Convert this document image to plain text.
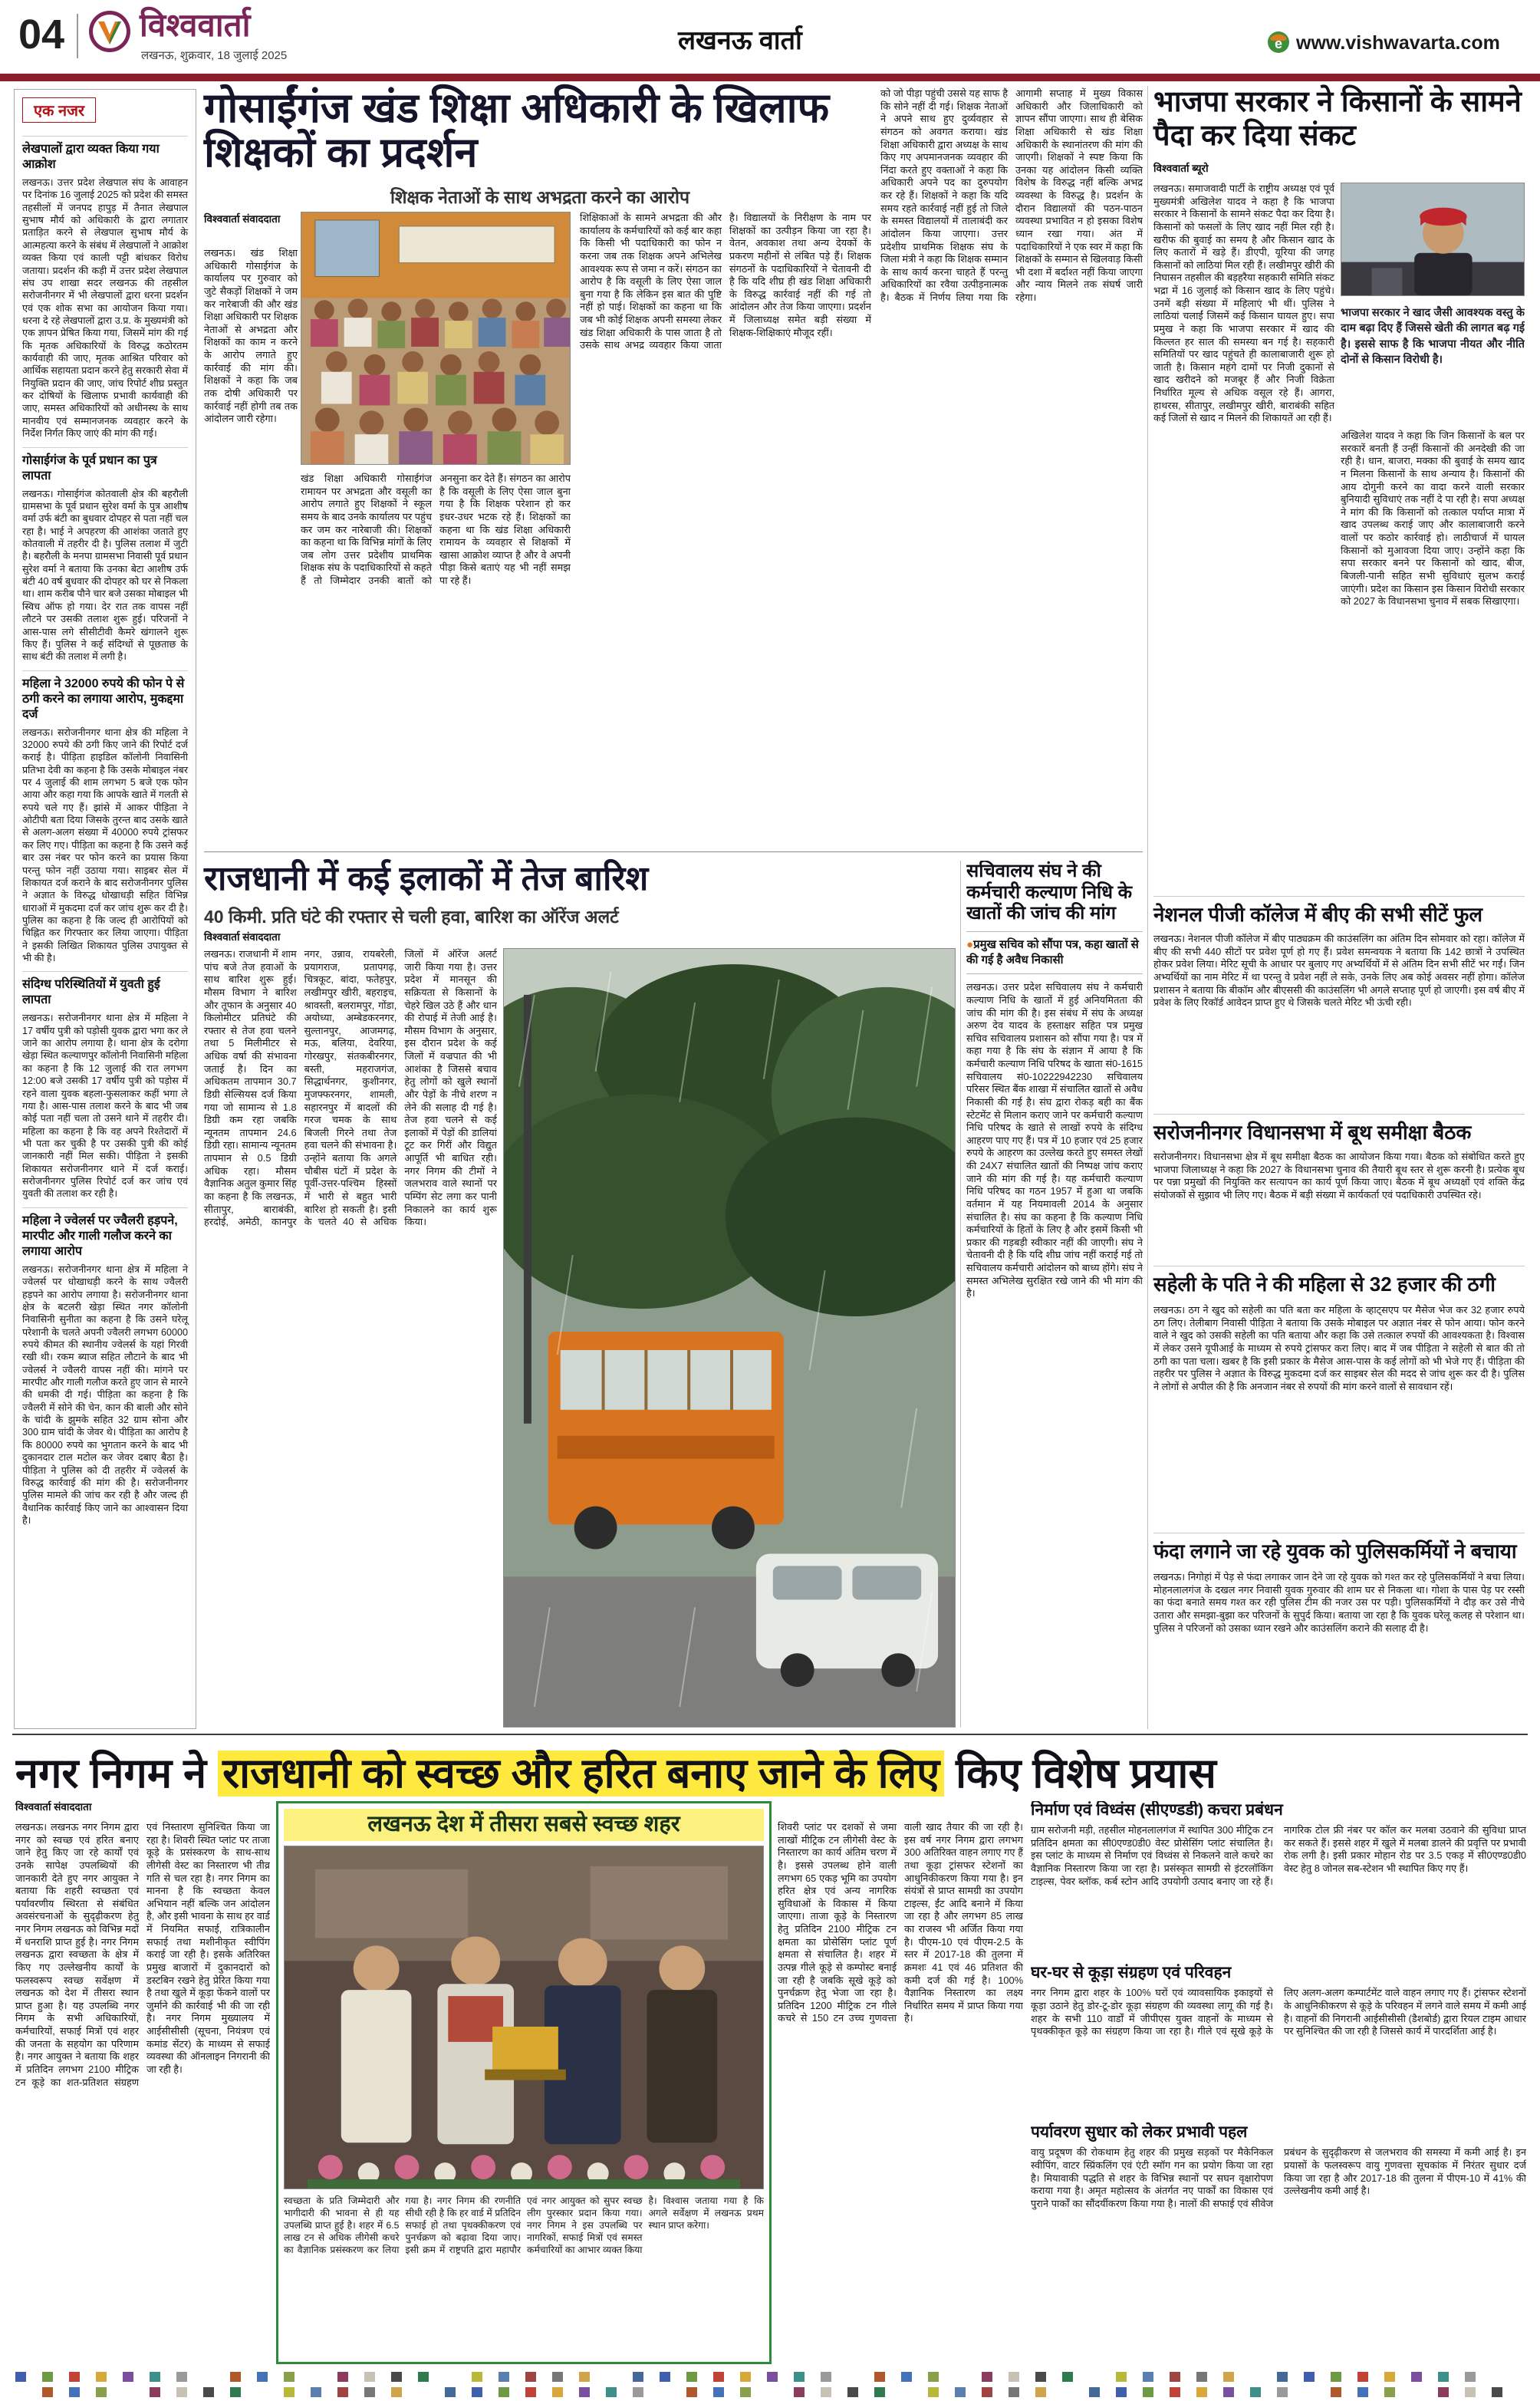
04 विश्ववार्ता
लखनऊ, शुक्रवार, 18 जुलाई 2025
लखनऊ वार्ता	e www.vishwavarta.com
एक नजर
लेखपालों द्वारा व्यक्त किया गया आक्रोश
लखनऊ। उत्तर प्रदेश लेखपाल संघ के आवाहन पर दिनांक 16 जुलाई 2025 को प्रदेश की समस्त तहसीलों में जनपद हापुड़ में तैनात लेखपाल सुभाष मौर्य को अधिकारी के द्वारा लगातार प्रताड़ित करने से लेखपाल सुभाष मौर्य के आत्महत्या करने के संबंध में लेखपालों ने आक्रोश व्यक्त किया एवं काली पट्टी बांधकर विरोध जताया। प्रदर्शन की कड़ी में उत्तर प्रदेश लेखपाल संघ उप शाखा सदर लखनऊ की तहसील सरोजनीनगर में भी लेखपालों द्वारा धरना प्रदर्शन एवं एक शोक सभा का आयोजन किया गया। धरना दे रहे लेखपालों द्वारा उ.प्र. के मुख्यमंत्री को एक ज्ञापन प्रेषित किया गया, जिसमें मांग की गई कि मृतक अधिकारियों के विरुद्ध कठोरतम कार्यवाही की जाए, मृतक आश्रित परिवार को आर्थिक सहायता प्रदान करने हेतु सरकारी सेवा में नियुक्ति प्रदान की जाए, जांच रिपोर्ट शीघ्र प्रस्तुत कर दोषियों के खिलाफ प्रभावी कार्यवाही की जाए, समस्त अधिकारियों को अधीनस्थ के साथ मानवीय एवं सम्मानजनक व्यवहार करने के निर्देश निर्गत किए जाएं की मांग की गई।
गोसाईगंज के पूर्व प्रधान का पुत्र लापता
लखनऊ। गोसाईगंज कोतवाली क्षेत्र की बहरौली ग्रामसभा के पूर्व प्रधान सुरेश वर्मा के पुत्र आशीष वर्मा उर्फ बंटी का बुधवार दोपहर से पता नहीं चल रहा है। भाई ने अपहरण की आशंका जताते हुए कोतवाली में तहरीर दी है। पुलिस तलाश में जुटी है। बहरौली के मनपा ग्रामसभा निवासी पूर्व प्रधान सुरेश वर्मा ने बताया कि उनका बेटा आशीष उर्फ बंटी 40 वर्ष बुधवार की दोपहर को घर से निकला था। शाम करीब पौने चार बजे उसका मोबाइल भी स्विच ऑफ हो गया। देर रात तक वापस नहीं लौटने पर उसकी तलाश शुरू हुई। परिजनों ने आस-पास लगे सीसीटीवी कैमरे खंगालने शुरू किए हैं। पुलिस ने कई संदिग्धों से पूछताछ के साथ बंटी की तलाश में लगी है।
महिला ने 32000 रुपये की फोन पे से ठगी करने का लगाया आरोप, मुकद्दमा दर्ज
लखनऊ। सरोजनीनगर थाना क्षेत्र की महिला ने 32000 रुपये की ठगी किए जाने की रिपोर्ट दर्ज कराई है। पीड़िता हाइडिल कॉलोनी निवासिनी प्रतिभा देवी का कहना है कि उसके मोबाइल नंबर पर 4 जुलाई की शाम लगभग 5 बजे एक फोन आया और कहा गया कि आपके खाते में गलती से रुपये चले गए हैं। झांसे में आकर पीड़िता ने ओटीपी बता दिया जिसके तुरन्त बाद उसके खाते से अलग-अलग संख्या में 40000 रुपये ट्रांसफर कर लिए गए। पीड़िता का कहना है कि उसने कई बार उस नंबर पर फोन करने का प्रयास किया परन्तु फोन नहीं उठाया गया। साइबर सेल में शिकायत दर्ज कराने के बाद सरोजनीनगर पुलिस ने अज्ञात के विरुद्ध धोखाधड़ी सहित विभिन्न धाराओं में मुकदमा दर्ज कर जांच शुरू कर दी है। पुलिस का कहना है कि जल्द ही आरोपियों को चिह्नित कर गिरफ्तार कर लिया जाएगा। पीड़िता ने इसकी लिखित शिकायत पुलिस उपायुक्त से भी की है।
संदिग्ध परिस्थितियों में युवती हुई लापता
लखनऊ। सरोजनीनगर थाना क्षेत्र में महिला ने 17 वर्षीय पुत्री को पड़ोसी युवक द्वारा भगा कर ले जाने का आरोप लगाया है। थाना क्षेत्र के दरोगा खेड़ा स्थित कल्याणपुर कॉलोनी निवासिनी महिला का कहना है कि 12 जुलाई की रात लगभग 12:00 बजे उसकी 17 वर्षीय पुत्री को पड़ोस में रहने वाला युवक बहला-फुसलाकर कहीं भगा ले गया है। आस-पास तलाश करने के बाद भी जब कोई पता नहीं चला तो उसने थाने में तहरीर दी। महिला का कहना है कि वह अपने रिश्तेदारों में भी पता कर चुकी है पर उसकी पुत्री की कोई जानकारी नहीं मिल सकी। पीड़िता ने इसकी शिकायत सरोजनीनगर थाने में दर्ज कराई। सरोजनीनगर पुलिस रिपोर्ट दर्ज कर जांच एवं युवती की तलाश कर रही है।
महिला ने ज्वेलर्स पर ज्वैलरी हड़पने, मारपीट और गाली गलौज करने का लगाया आरोप
लखनऊ। सरोजनीनगर थाना क्षेत्र में महिला ने ज्वेलर्स पर धोखाधड़ी करने के साथ ज्वैलरी हड़पने का आरोप लगाया है। सरोजनीनगर थाना क्षेत्र के बटलरी खेड़ा स्थित नगर कॉलोनी निवासिनी सुनीता का कहना है कि उसने घरेलू परेशानी के चलते अपनी ज्वैलरी लगभग 60000 रुपये कीमत की स्थानीय ज्वेलर्स के यहां गिरवी रखी थी। रकम ब्याज सहित लौटाने के बाद भी ज्वेलर्स ने ज्वैलरी वापस नहीं की। मांगने पर मारपीट और गाली गलौज करते हुए जान से मारने की धमकी दी गई। पीड़िता का कहना है कि ज्वैलरी में सोने की चेन, कान की बाली और सोने के चांदी के झुमके सहित 32 ग्राम सोना और 300 ग्राम चांदी के जेवर थे। पीड़िता का आरोप है कि 80000 रुपये का भुगतान करने के बाद भी दुकानदार टाल मटोल कर जेवर दबाए बैठा है। पीड़िता ने पुलिस को दी तहरीर में ज्वेलर्स के विरुद्ध कार्रवाई की मांग की है। सरोजनीनगर पुलिस मामले की जांच कर रही है और जल्द ही वैधानिक कार्रवाई किए जाने का आश्वासन दिया है।
गोसाईंगंज खंड शिक्षा अधिकारी के खिलाफ शिक्षकों का प्रदर्शन
शिक्षक नेताओं के साथ अभद्रता करने का आरोप
विश्ववार्ता संवाददाता
लखनऊ। खंड शिक्षा अधिकारी गोसाईगंज के कार्यालय पर गुरुवार को जुटे सैकड़ों शिक्षकों ने जम कर नारेबाजी की और खंड शिक्षा अधिकारी पर शिक्षक नेताओं से अभद्रता और शिक्षकों का काम न करने के आरोप लगाते हुए कार्रवाई की मांग की। शिक्षकों ने कहा कि जब तक दोषी अधिकारी पर कार्रवाई नहीं होगी तब तक आंदोलन जारी रहेगा।
खंड शिक्षा अधिकारी गोसाईगंज रामायन पर अभद्रता और वसूली का आरोप लगाते हुए शिक्षकों ने स्कूल समय के बाद उनके कार्यालय पर पहुंच कर जम कर नारेबाजी की। शिक्षकों का कहना था कि विभिन्न मांगों के लिए जब लोग उत्तर प्रदेशीय प्राथमिक शिक्षक संघ के पदाधिकारियों से कहते हैं तो जिम्मेदार उनकी बातों को अनसुना कर देते हैं। संगठन का आरोप है कि वसूली के लिए ऐसा जाल बुना गया है कि शिक्षक परेशान हो कर इधर-उधर भटक रहे हैं। शिक्षकों का कहना था कि खंड शिक्षा अधिकारी रामायन के व्यवहार से शिक्षकों में खासा आक्रोश व्याप्त है और वे अपनी पीड़ा किसे बताएं यह भी नहीं समझ पा रहे हैं।
शिक्षिकाओं के सामने अभद्रता की और कार्यालय के कर्मचारियों को कई बार कहा कि किसी भी पदाधिकारी का फोन न करना जब तक शिक्षक अपने अभिलेख आवश्यक रूप से जमा न करें। संगठन का आरोप है कि वसूली के लिए ऐसा जाल बुना गया है कि लेकिन इस बात की पुष्टि नहीं हो पाई। शिक्षकों का कहना था कि जब भी कोई शिक्षक अपनी समस्या लेकर खंड शिक्षा अधिकारी के पास जाता है तो उसके साथ अभद्र व्यवहार किया जाता है। विद्यालयों के निरीक्षण के नाम पर शिक्षकों का उत्पीड़न किया जा रहा है। वेतन, अवकाश तथा अन्य देयकों के प्रकरण महीनों से लंबित पड़े हैं। शिक्षक संगठनों के पदाधिकारियों ने चेतावनी दी है कि यदि शीघ्र ही खंड शिक्षा अधिकारी के विरुद्ध कार्रवाई नहीं की गई तो आंदोलन और तेज किया जाएगा। प्रदर्शन में जिलाध्यक्ष समेत बड़ी संख्या में शिक्षक-शिक्षिकाएं मौजूद रहीं।
को जो पीड़ा पहुंची उससे यह साफ है कि सोने नहीं दी गई। शिक्षक नेताओं ने अपने साथ हुए दुर्व्यवहार से संगठन को अवगत कराया। खंड शिक्षा अधिकारी द्वारा अध्यक्ष के साथ किए गए अपमानजनक व्यवहार की निंदा करते हुए वक्ताओं ने कहा कि अधिकारी अपने पद का दुरुपयोग कर रहे हैं। शिक्षकों ने कहा कि यदि समय रहते कार्रवाई नहीं हुई तो जिले के समस्त विद्यालयों में तालाबंदी कर आंदोलन किया जाएगा। उत्तर प्रदेशीय प्राथमिक शिक्षक संघ के जिला मंत्री ने कहा कि शिक्षक सम्मान के साथ कार्य करना चाहते हैं परन्तु अधिकारियों का रवैया उत्पीड़नात्मक है। बैठक में निर्णय लिया गया कि आगामी सप्ताह में मुख्य विकास अधिकारी और जिलाधिकारी को ज्ञापन सौंपा जाएगा। साथ ही बेसिक शिक्षा अधिकारी से खंड शिक्षा अधिकारी के स्थानांतरण की मांग की जाएगी। शिक्षकों ने स्पष्ट किया कि उनका यह आंदोलन किसी व्यक्ति विशेष के विरुद्ध नहीं बल्कि अभद्र व्यवस्था के विरुद्ध है। प्रदर्शन के दौरान विद्यालयों की पठन-पाठन व्यवस्था प्रभावित न हो इसका विशेष ध्यान रखा गया। अंत में पदाधिकारियों ने एक स्वर में कहा कि शिक्षकों के सम्मान से खिलवाड़ किसी भी दशा में बर्दाश्त नहीं किया जाएगा और न्याय मिलने तक संघर्ष जारी रहेगा।
राजधानी में कई इलाकों में तेज बारिश
40 किमी. प्रति घंटे की रफ्तार से चली हवा, बारिश का ऑरेंज अलर्ट
विश्ववार्ता संवाददाता
लखनऊ। राजधानी में शाम पांच बजे तेज हवाओं के साथ बारिश शुरू हुई। मौसम विभाग ने बारिश और तूफान के अनुसार 40 किलोमीटर प्रतिघंटे की रफ्तार से तेज हवा चलने तथा 5 मिलीमीटर से अधिक वर्षा की संभावना जताई है। दिन का अधिकतम तापमान 30.7 डिग्री सेल्सियस दर्ज किया गया जो सामान्य से 1.8 डिग्री कम रहा जबकि न्यूनतम तापमान 24.6 डिग्री रहा। सामान्य न्यूनतम तापमान से 0.5 डिग्री अधिक रहा। मौसम वैज्ञानिक अतुल कुमार सिंह का कहना है कि लखनऊ, सीतापुर, बाराबंकी, हरदोई, अमेठी, कानपुर नगर, उन्नाव, रायबरेली, प्रयागराज, प्रतापगढ़, चित्रकूट, बांदा, फतेहपुर, लखीमपुर खीरी, बहराइच, श्रावस्ती, बलरामपुर, गोंडा, अयोध्या, अम्बेडकरनगर, सुल्तानपुर, आजमगढ़, मऊ, बलिया, देवरिया, गोरखपुर, संतकबीरनगर, बस्ती, महराजगंज, सिद्धार्थनगर, कुशीनगर, मुजफ्फरनगर, शामली, सहारनपुर में बादलों की गरज चमक के साथ बिजली गिरने तथा तेज हवा चलने की संभावना है। उन्होंने बताया कि अगले चौबीस घंटों में प्रदेश के पूर्वी-उत्तर-पश्चिम हिस्सों में भारी से बहुत भारी बारिश हो सकती है। इसी के चलते 40 से अधिक जिलों में ऑरेंज अलर्ट जारी किया गया है। उत्तर प्रदेश में मानसून की सक्रियता से किसानों के चेहरे खिल उठे हैं और धान की रोपाई में तेजी आई है। मौसम विभाग के अनुसार, इस दौरान प्रदेश के कई जिलों में वज्रपात की भी आशंका है जिससे बचाव हेतु लोगों को खुले स्थानों और पेड़ों के नीचे शरण न लेने की सलाह दी गई है। तेज हवा चलने से कई इलाकों में पेड़ों की डालियां टूट कर गिरीं और विद्युत आपूर्ति भी बाधित रही। नगर निगम की टीमों ने जलभराव वाले स्थानों पर पम्पिंग सेट लगा कर पानी निकालने का कार्य शुरू किया।
सचिवालय संघ ने की कर्मचारी कल्याण निधि के खातों की जांच की मांग
●प्रमुख सचिव को सौंपा पत्र, कहा खातों से की गई है अवैध निकासी
लखनऊ। उत्तर प्रदेश सचिवालय संघ ने कर्मचारी कल्याण निधि के खातों में हुई अनियमितता की जांच की मांग की है। इस संबंध में संघ के अध्यक्ष अरुण देव यादव के हस्ताक्षर सहित पत्र प्रमुख सचिव सचिवालय प्रशासन को सौंपा गया है। पत्र में कहा गया है कि संघ के संज्ञान में आया है कि कर्मचारी कल्याण निधि परिषद के खाता सं0-1615 सचिवालय सं0-10222942230 सचिवालय परिसर स्थित बैंक शाखा में संचालित खातों से अवैध निकासी की गई है। संघ द्वारा रोकड़ बही का बैंक स्टेटमेंट से मिलान कराए जाने पर कर्मचारी कल्याण निधि परिषद के खाते से लाखों रुपये के संदिग्ध आहरण पाए गए हैं। पत्र में 10 हजार एवं 25 हजार रुपये के आहरण का उल्लेख करते हुए समस्त लेखों की 24X7 संचालित खातों की निष्पक्ष जांच कराए जाने की मांग की गई है। यह कर्मचारी कल्याण निधि परिषद का गठन 1957 में हुआ था जबकि वर्तमान में यह नियमावली 2014 के अनुसार संचालित है। संघ का कहना है कि कल्याण निधि कर्मचारियों के हितों के लिए है और इसमें किसी भी प्रकार की गड़बड़ी स्वीकार नहीं की जाएगी। संघ ने चेतावनी दी है कि यदि शीघ्र जांच नहीं कराई गई तो सचिवालय कर्मचारी आंदोलन को बाध्य होंगे। संघ ने समस्त अभिलेख सुरक्षित रखे जाने की भी मांग की है।
भाजपा सरकार ने किसानों के सामने पैदा कर दिया संकट
विश्ववार्ता ब्यूरो
लखनऊ। समाजवादी पार्टी के राष्ट्रीय अध्यक्ष एवं पूर्व मुख्यमंत्री अखिलेश यादव ने कहा है कि भाजपा सरकार ने किसानों के सामने संकट पैदा कर दिया है। किसानों को फसलों के लिए खाद नहीं मिल रही है। खरीफ की बुवाई का समय है और किसान खाद के लिए कतारों में खड़े हैं। डीएपी, यूरिया की जगह किसानों को लाठियां मिल रही हैं। लखीमपुर खीरी की निघासन तहसील की बड़हरैया सहकारी समिति संकट भद्रा में 16 जुलाई को किसान खाद के लिए पहुंचे। उनमें बड़ी संख्या में महिलाएं भी थीं। पुलिस ने लाठियां चलाईं जिसमें कई किसान घायल हुए। सपा प्रमुख ने कहा कि भाजपा सरकार में खाद की किल्लत हर साल की समस्या बन गई है। सहकारी समितियों पर खाद पहुंचते ही कालाबाजारी शुरू हो जाती है। किसान महंगे दामों पर निजी दुकानों से खाद खरीदने को मजबूर हैं और निजी विक्रेता निर्धारित मूल्य से अधिक वसूल रहे हैं। आगरा, हाथरस, सीतापुर, लखीमपुर खीरी, बाराबंकी सहित कई जिलों से खाद न मिलने की शिकायतें आ रही हैं।
भाजपा सरकार ने खाद जैसी आवश्यक वस्तु के दाम बढ़ा दिए हैं जिससे खेती की लागत बढ़ गई है। इससे साफ है कि भाजपा नीयत और नीति दोनों से किसान विरोधी है।
अखिलेश यादव ने कहा कि जिन किसानों के बल पर सरकारें बनती हैं उन्हीं किसानों की अनदेखी की जा रही है। धान, बाजरा, मक्का की बुवाई के समय खाद न मिलना किसानों के साथ अन्याय है। किसानों की आय दोगुनी करने का वादा करने वाली सरकार बुनियादी सुविधाएं तक नहीं दे पा रही है। सपा अध्यक्ष ने मांग की कि किसानों को तत्काल पर्याप्त मात्रा में खाद उपलब्ध कराई जाए और कालाबाजारी करने वालों पर कठोर कार्रवाई हो। लाठीचार्ज में घायल किसानों को मुआवजा दिया जाए। उन्होंने कहा कि सपा सरकार बनने पर किसानों को खाद, बीज, बिजली-पानी सहित सभी सुविधाएं सुलभ कराई जाएंगी। प्रदेश का किसान इस किसान विरोधी सरकार को 2027 के विधानसभा चुनाव में सबक सिखाएगा।
नेशनल पीजी कॉलेज में बीए की सभी सीटें फुल
लखनऊ। नेशनल पीजी कॉलेज में बीए पाठ्यक्रम की काउंसलिंग का अंतिम दिन सोमवार को रहा। कॉलेज में बीए की सभी 440 सीटों पर प्रवेश पूर्ण हो गए हैं। प्रवेश समन्वयक ने बताया कि 142 छात्रों ने उपस्थित होकर प्रवेश लिया। मेरिट सूची के आधार पर बुलाए गए अभ्यर्थियों में से अंतिम दिन सभी सीटें भर गईं। जिन अभ्यर्थियों का नाम मेरिट में था परन्तु वे प्रवेश नहीं ले सके, उनके लिए अब कोई अवसर नहीं होगा। कॉलेज प्रशासन ने बताया कि बीकॉम और बीएससी की काउंसलिंग भी अगले सप्ताह पूर्ण हो जाएगी। इस वर्ष बीए में प्रवेश के लिए रिकॉर्ड आवेदन प्राप्त हुए थे जिसके चलते मेरिट भी ऊंची रही।
सरोजनीनगर विधानसभा में बूथ समीक्षा बैठक
सरोजनीनगर। विधानसभा क्षेत्र में बूथ समीक्षा बैठक का आयोजन किया गया। बैठक को संबोधित करते हुए भाजपा जिलाध्यक्ष ने कहा कि 2027 के विधानसभा चुनाव की तैयारी बूथ स्तर से शुरू करनी है। प्रत्येक बूथ पर पन्ना प्रमुखों की नियुक्ति कर सत्यापन का कार्य पूर्ण किया जाए। बैठक में बूथ अध्यक्षों एवं शक्ति केंद्र संयोजकों से सुझाव भी लिए गए। बैठक में बड़ी संख्या में कार्यकर्ता एवं पदाधिकारी उपस्थित रहे।
सहेली के पति ने की महिला से 32 हजार की ठगी
लखनऊ। ठग ने खुद को सहेली का पति बता कर महिला के व्हाट्सएप पर मैसेज भेज कर 32 हजार रुपये ठग लिए। तेलीबाग निवासी पीड़िता ने बताया कि उसके मोबाइल पर अज्ञात नंबर से फोन आया। फोन करने वाले ने खुद को उसकी सहेली का पति बताया और कहा कि उसे तत्काल रुपयों की आवश्यकता है। विश्वास में लेकर उसने यूपीआई के माध्यम से रुपये ट्रांसफर करा लिए। बाद में जब पीड़िता ने सहेली से बात की तो ठगी का पता चला। खबर है कि इसी प्रकार के मैसेज आस-पास के कई लोगों को भी भेजे गए हैं। पीड़िता की तहरीर पर पुलिस ने अज्ञात के विरुद्ध मुकदमा दर्ज कर साइबर सेल की मदद से जांच शुरू कर दी है। पुलिस ने लोगों से अपील की है कि अनजान नंबर से रुपयों की मांग करने वालों से सावधान रहें।
फंदा लगाने जा रहे युवक को पुलिसकर्मियों ने बचाया
लखनऊ। निगोहां में पेड़ से फंदा लगाकर जान देने जा रहे युवक को गश्त कर रहे पुलिसकर्मियों ने बचा लिया। मोहनलालगंज के दखल नगर निवासी युवक गुरुवार की शाम घर से निकला था। गोशा के पास पेड़ पर रस्सी का फंदा बनाते समय गश्त कर रही पुलिस टीम की नजर उस पर पड़ी। पुलिसकर्मियों ने दौड़ कर उसे नीचे उतारा और समझा-बुझा कर परिजनों के सुपुर्द किया। बताया जा रहा है कि युवक घरेलू कलह से परेशान था। पुलिस ने परिजनों को उसका ध्यान रखने और काउंसलिंग कराने की सलाह दी है।
नगर निगम ने राजधानी को स्वच्छ और हरित बनाए जाने के लिए किए विशेष प्रयास
विश्ववार्ता संवाददाता
लखनऊ। लखनऊ नगर निगम द्वारा नगर को स्वच्छ एवं हरित बनाए जाने हेतु किए जा रहे कार्यों एवं उनके सापेक्ष उपलब्धियों की जानकारी देते हुए नगर आयुक्त ने बताया कि शहरी स्वच्छता एवं पर्यावरणीय स्थिरता से संबंधित अवसंरचनाओं के सुदृढ़ीकरण हेतु नगर निगम लखनऊ को विभिन्न मदों में धनराशि प्राप्त हुई है। नगर निगम लखनऊ द्वारा स्वच्छता के क्षेत्र में किए गए उल्लेखनीय कार्यों के फलस्वरूप स्वच्छ सर्वेक्षण में लखनऊ को देश में तीसरा स्थान प्राप्त हुआ है। यह उपलब्धि नगर निगम के सभी अधिकारियों, कर्मचारियों, सफाई मित्रों एवं शहर की जनता के सहयोग का परिणाम है। नगर आयुक्त ने बताया कि शहर में प्रतिदिन लगभग 2100 मीट्रिक टन कूड़े का शत-प्रतिशत संग्रहण एवं निस्तारण सुनिश्चित किया जा रहा है। शिवरी स्थित प्लांट पर ताजा कूड़े के प्रसंस्करण के साथ-साथ लीगेसी वेस्ट का निस्तारण भी तीव्र गति से चल रहा है। नगर निगम का मानना है कि स्वच्छता केवल अभियान नहीं बल्कि जन आंदोलन है, और इसी भावना के साथ हर वार्ड में नियमित सफाई, रात्रिकालीन सफाई तथा मशीनीकृत स्वीपिंग कराई जा रही है। इसके अतिरिक्त प्रमुख बाजारों में दुकानदारों को डस्टबिन रखने हेतु प्रेरित किया गया है तथा खुले में कूड़ा फेंकने वालों पर जुर्माने की कार्रवाई भी की जा रही है। नगर निगम मुख्यालय में आईसीसीसी (सूचना, नियंत्रण एवं कमांड सेंटर) के माध्यम से सफाई व्यवस्था की ऑनलाइन निगरानी की जा रही है।
लखनऊ देश में तीसरा सबसे स्वच्छ शहर
स्वच्छता के प्रति जिम्मेदारी और भागीदारी की भावना से ही यह उपलब्धि प्राप्त हुई है। शहर में 6.5 लाख टन से अधिक लीगेसी कचरे का वैज्ञानिक प्रसंस्करण कर लिया गया है। नगर निगम की रणनीति सीधी रही है कि हर वार्ड में प्रतिदिन सफाई हो तथा पृथक्कीकरण एवं पुनर्चक्रण को बढ़ावा दिया जाए। इसी क्रम में राष्ट्रपति द्वारा महापौर एवं नगर आयुक्त को सुपर स्वच्छ लीग पुरस्कार प्रदान किया गया। नगर निगम ने इस उपलब्धि पर नागरिकों, सफाई मित्रों एवं समस्त कर्मचारियों का आभार व्यक्त किया है। विश्वास जताया गया है कि अगले सर्वेक्षण में लखनऊ प्रथम स्थान प्राप्त करेगा।
शिवरी प्लांट पर दशकों से जमा लाखों मीट्रिक टन लीगेसी वेस्ट के निस्तारण का कार्य अंतिम चरण में है। इससे उपलब्ध होने वाली लगभग 65 एकड़ भूमि का उपयोग हरित क्षेत्र एवं अन्य नागरिक सुविधाओं के विकास में किया जाएगा। ताजा कूड़े के निस्तारण हेतु प्रतिदिन 2100 मीट्रिक टन क्षमता का प्रोसेसिंग प्लांट पूर्ण क्षमता से संचालित है। शहर में उत्पन्न गीले कूड़े से कम्पोस्ट बनाई जा रही है जबकि सूखे कूड़े को पुनर्चक्रण हेतु भेजा जा रहा है। प्रतिदिन 1200 मीट्रिक टन गीले कचरे से 150 टन उच्च गुणवत्ता वाली खाद तैयार की जा रही है। इस वर्ष नगर निगम द्वारा लगभग 300 अतिरिक्त वाहन लगाए गए हैं तथा कूड़ा ट्रांसफर स्टेशनों का आधुनिकीकरण किया गया है। इन संयंत्रों से प्राप्त सामग्री का उपयोग टाइल्स, ईंट आदि बनाने में किया जा रहा है और लगभग 85 लाख का राजस्व भी अर्जित किया गया है। पीएम-10 एवं पीएम-2.5 के स्तर में 2017-18 की तुलना में क्रमशः 41 एवं 46 प्रतिशत की कमी दर्ज की गई है। 100% वैज्ञानिक निस्तारण का लक्ष्य निर्धारित समय में प्राप्त किया गया है।
निर्माण एवं विध्वंस (सीएण्डडी) कचरा प्रबंधन
ग्राम सरोजनी मड़ी, तहसील मोहनलालगंज में स्थापित 300 मीट्रिक टन प्रतिदिन क्षमता का सी0एण्ड0डी0 वेस्ट प्रोसेसिंग प्लांट संचालित है। इस प्लांट के माध्यम से निर्माण एवं विध्वंस से निकलने वाले कचरे का वैज्ञानिक निस्तारण किया जा रहा है। प्रसंस्कृत सामग्री से इंटरलॉकिंग टाइल्स, पेवर ब्लॉक, कर्ब स्टोन आदि उपयोगी उत्पाद बनाए जा रहे हैं। नागरिक टोल फ्री नंबर पर कॉल कर मलबा उठवाने की सुविधा प्राप्त कर सकते हैं। इससे शहर में खुले में मलबा डालने की प्रवृत्ति पर प्रभावी रोक लगी है। इसी प्रकार मोहान रोड पर 3.5 एकड़ में सी0एण्ड0डी0 वेस्ट हेतु 8 जोनल सब-स्टेशन भी स्थापित किए गए हैं।
घर-घर से कूड़ा संग्रहण एवं परिवहन
नगर निगम द्वारा शहर के 100% घरों एवं व्यावसायिक इकाइयों से कूड़ा उठाने हेतु डोर-टू-डोर कूड़ा संग्रहण की व्यवस्था लागू की गई है। शहर के सभी 110 वार्डों में जीपीएस युक्त वाहनों के माध्यम से पृथक्कीकृत कूड़े का संग्रहण किया जा रहा है। गीले एवं सूखे कूड़े के लिए अलग-अलग कम्पार्टमेंट वाले वाहन लगाए गए हैं। ट्रांसफर स्टेशनों के आधुनिकीकरण से कूड़े के परिवहन में लगने वाले समय में कमी आई है। वाहनों की निगरानी आईसीसीसी (डैशबोर्ड) द्वारा रियल टाइम आधार पर सुनिश्चित की जा रही है जिससे कार्य में पारदर्शिता आई है।
पर्यावरण सुधार को लेकर प्रभावी पहल
वायु प्रदूषण की रोकथाम हेतु शहर की प्रमुख सड़कों पर मैकेनिकल स्वीपिंग, वाटर स्प्रिंकलिंग एवं एंटी स्मॉग गन का प्रयोग किया जा रहा है। मियावाकी पद्धति से शहर के विभिन्न स्थानों पर सघन वृक्षारोपण कराया गया है। अमृत महोत्सव के अंतर्गत नए पार्कों का विकास एवं पुराने पार्कों का सौंदर्यीकरण किया गया है। नालों की सफाई एवं सीवेज प्रबंधन के सुदृढ़ीकरण से जलभराव की समस्या में कमी आई है। इन प्रयासों के फलस्वरूप वायु गुणवत्ता सूचकांक में निरंतर सुधार दर्ज किया जा रहा है और 2017-18 की तुलना में पीएम-10 में 41% की उल्लेखनीय कमी आई है।
